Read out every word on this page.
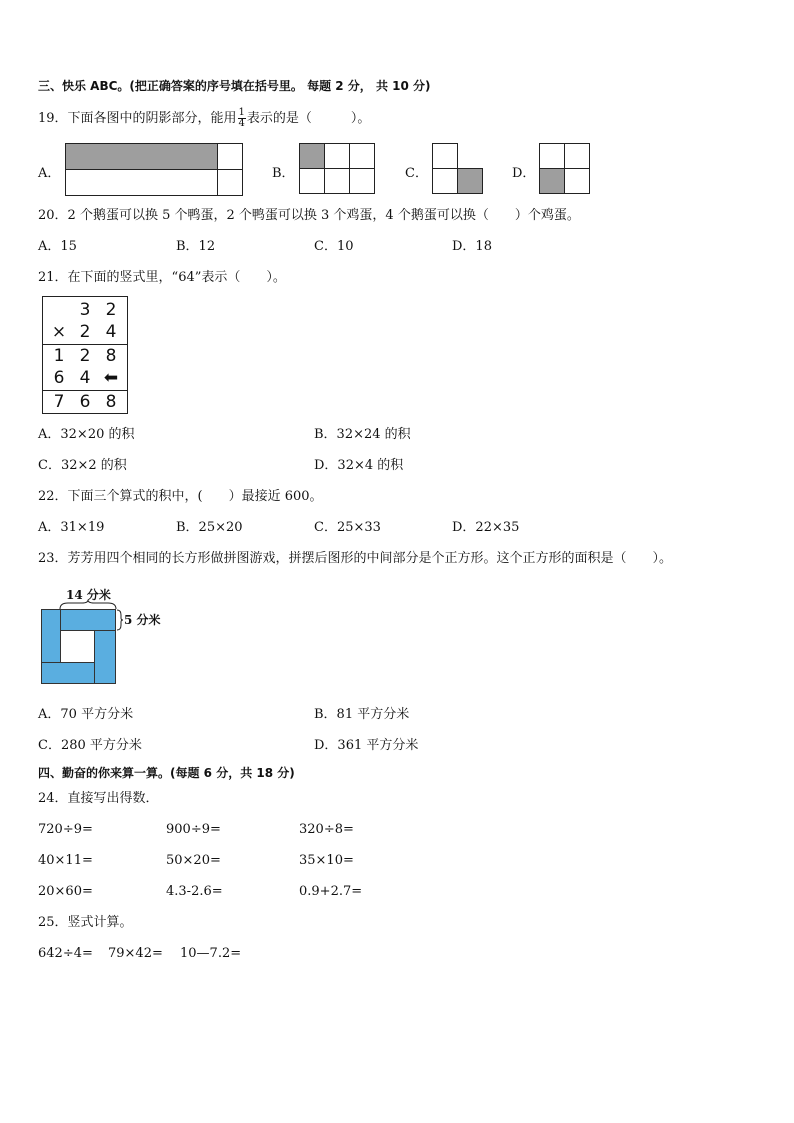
三、快乐 ABC。(把正确答案的序号填在括号里。 每题 2 分， 共 10 分)
19．下面各图中的阴影部分，能用 $\frac{1}{4}$ 表示的是（　　　）。
A．	B．	C．	D．
20．2 个鹅蛋可以换 5 个鸭蛋，2 个鸭蛋可以换 3 个鸡蛋，4 个鹅蛋可以换（　　）个鸡蛋。
A．15	B．12	C．10	D．18
21．在下面的竖式里，“64”表示（　　）。
3 2
× 2 4
1 2 8
6 4 ⬅
7 6 8
A．32×20 的积	B．32×24 的积
C．32×2 的积	D．32×4 的积
22．下面三个算式的积中，(　　）最接近 600。
A．31×19	B．25×20	C．25×33	D．22×35
23．芳芳用四个相同的长方形做拼图游戏，拼摆后图形的中间部分是个正方形。这个正方形的面积是（　　）。
14 分米
5 分米
A．70 平方分米	B．81 平方分米
C．280 平方分米	D．361 平方分米
四、勤奋的你来算一算。(每题 6 分，共 18 分)
24．直接写出得数．
720÷9=	900÷9=	320÷8=
40×11=	50×20=	35×10=
20×60=	4.3-2.6=	0.9+2.7=
25．竖式计算。
642÷4= 79×42= 10—7.2=
